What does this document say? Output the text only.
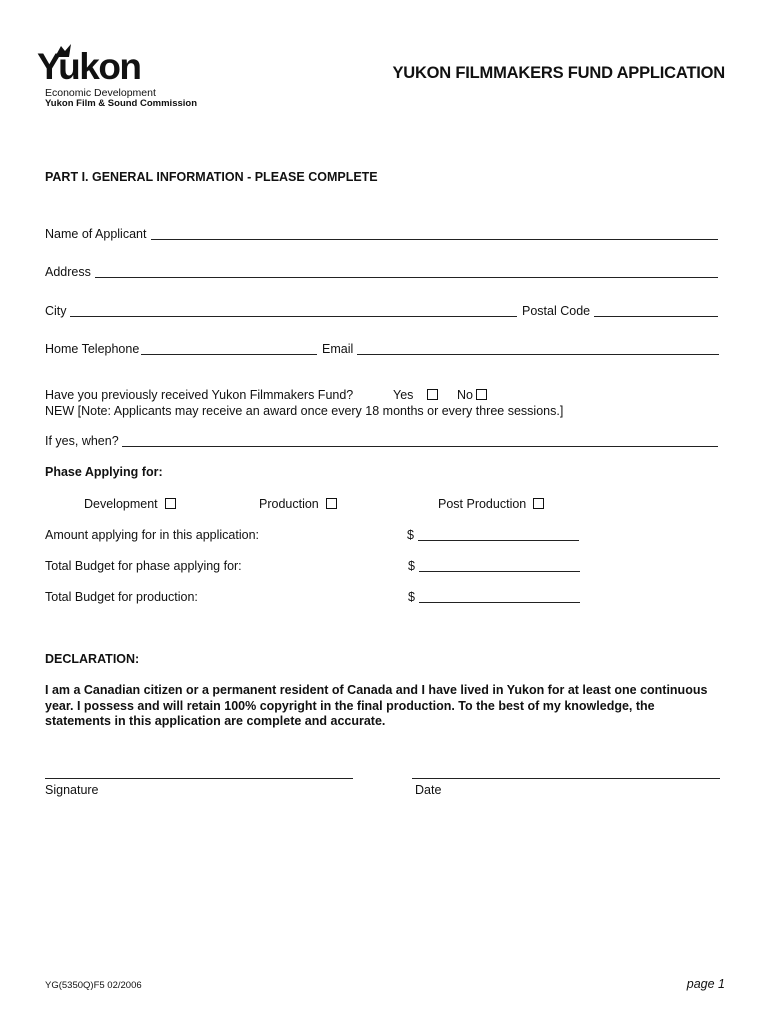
Yukon
Economic Development
Yukon Film & Sound Commission
YUKON FILMMAKERS FUND APPLICATION
PART I. GENERAL INFORMATION - PLEASE COMPLETE
Name of Applicant
Address
City	Postal Code
Home Telephone	Email
Have you previously received Yukon Filmmakers Fund?	Yes	No
NEW [Note: Applicants may receive an award once every 18 months or every three sessions.]
If yes, when?
Phase Applying for:
Development	Production	Post Production
Amount applying for in this application:	$
Total Budget for phase applying for:	$
Total Budget for production:	$
DECLARATION:
I am a Canadian citizen or a permanent resident of Canada and I have lived in Yukon for at least one continuous
year. I possess and will retain 100% copyright in the final production. To the best of my knowledge, the
statements in this application are complete and accurate.
Signature	Date
YG(5350Q)F5 02/2006	page 1
